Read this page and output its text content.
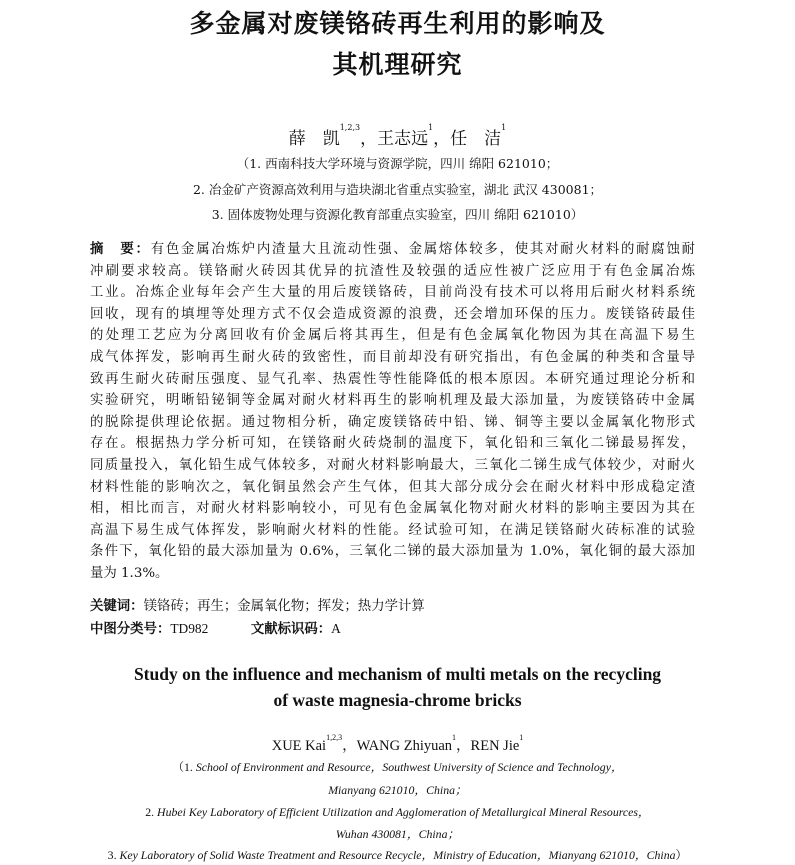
多金属对废镁铬砖再生利用的影响及
其机理研究
薛　凯$^{1,2,3}$，王志远$^1$，任　洁$^1$
（1. 西南科技大学环境与资源学院，四川 绵阳 621010；
2. 冶金矿产资源高效利用与造块湖北省重点实验室，湖北 武汉 430081；
3. 固体废物处理与资源化教育部重点实验室，四川 绵阳 621010）
摘　要：有色金属冶炼炉内渣量大且流动性强、金属熔体较多，使其对耐火材料的耐腐蚀耐
冲刷要求较高。镁铬耐火砖因其优异的抗渣性及较强的适应性被广泛应用于有色金属冶炼
工业。冶炼企业每年会产生大量的用后废镁铬砖，目前尚没有技术可以将用后耐火材料系统
回收，现有的填埋等处理方式不仅会造成资源的浪费，还会增加环保的压力。废镁铬砖最佳
的处理工艺应为分离回收有价金属后将其再生，但是有色金属氧化物因为其在高温下易生
成气体挥发，影响再生耐火砖的致密性，而目前却没有研究指出，有色金属的种类和含量导
致再生耐火砖耐压强度、显气孔率、热震性等性能降低的根本原因。本研究通过理论分析和
实验研究，明晰铅铋铜等金属对耐火材料再生的影响机理及最大添加量，为废镁铬砖中金属
的脱除提供理论依据。通过物相分析，确定废镁铬砖中铅、锑、铜等主要以金属氧化物形式
存在。根据热力学分析可知，在镁铬耐火砖烧制的温度下，氧化铅和三氧化二锑最易挥发，
同质量投入，氧化铅生成气体较多，对耐火材料影响最大，三氧化二锑生成气体较少，对耐火
材料性能的影响次之，氧化铜虽然会产生气体，但其大部分成分会在耐火材料中形成稳定渣
相，相比而言，对耐火材料影响较小，可见有色金属氧化物对耐火材料的影响主要因为其在
高温下易生成气体挥发，影响耐火材料的性能。经试验可知，在满足镁铬耐火砖标准的试验
条件下，氧化铅的最大添加量为 0.6%，三氧化二锑的最大添加量为 1.0%，氧化铜的最大添加
量为 1.3%。
关键词：镁铬砖；再生；金属氧化物；挥发；热力学计算
中图分类号：TD982	文献标识码：A
Study on the influence and mechanism of multi metals on the recycling
of waste magnesia-chrome bricks
XUE Kai$^{1,2,3}$，WANG Zhiyuan$^1$，REN Jie$^1$
（1. School of Environment and Resource，Southwest University of Science and Technology，
Mianyang 621010，China；
2. Hubei Key Laboratory of Efficient Utilization and Agglomeration of Metallurgical Mineral Resources，
Wuhan 430081，China；
3. Key Laboratory of Solid Waste Treatment and Resource Recycle，Ministry of Education，Mianyang 621010，China）
